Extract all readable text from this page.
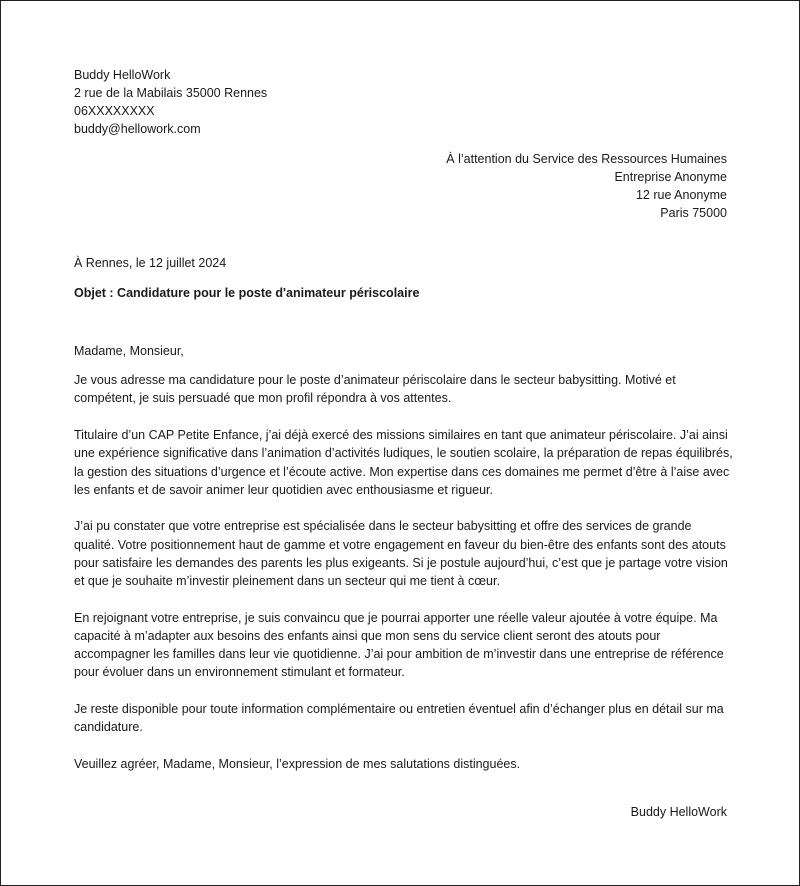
Buddy HelloWork
2 rue de la Mabilais 35000 Rennes
06XXXXXXXX
buddy@hellowork.com
À l’attention du Service des Ressources Humaines
Entreprise Anonyme
12 rue Anonyme
Paris 75000
À Rennes, le 12 juillet 2024
Objet : Candidature pour le poste d'animateur périscolaire

Madame, Monsieur,

Je vous adresse ma candidature pour le poste d’animateur périscolaire dans le secteur babysitting. Motivé et compétent, je suis persuadé que mon profil répondra à vos attentes.

Titulaire d’un CAP Petite Enfance, j’ai déjà exercé des missions similaires en tant que animateur périscolaire. J’ai ainsi une expérience significative dans l’animation d’activités ludiques, le soutien scolaire, la préparation de repas équilibrés, la gestion des situations d’urgence et l’écoute active. Mon expertise dans ces domaines me permet d’être à l’aise avec les enfants et de savoir animer leur quotidien avec enthousiasme et rigueur.

J’ai pu constater que votre entreprise est spécialisée dans le secteur babysitting et offre des services de grande qualité. Votre positionnement haut de gamme et votre engagement en faveur du bien-être des enfants sont des atouts pour satisfaire les demandes des parents les plus exigeants. Si je postule aujourd’hui, c’est que je partage votre vision et que je souhaite m’investir pleinement dans un secteur qui me tient à cœur.

En rejoignant votre entreprise, je suis convaincu que je pourrai apporter une réelle valeur ajoutée à votre équipe. Ma capacité à m’adapter aux besoins des enfants ainsi que mon sens du service client seront des atouts pour accompagner les familles dans leur vie quotidienne. J’ai pour ambition de m’investir dans une entreprise de référence pour évoluer dans un environnement stimulant et formateur.

Je reste disponible pour toute information complémentaire ou entretien éventuel afin d’échanger plus en détail sur ma candidature.

Veuillez agréer, Madame, Monsieur, l’expression de mes salutations distinguées.

Buddy HelloWork
